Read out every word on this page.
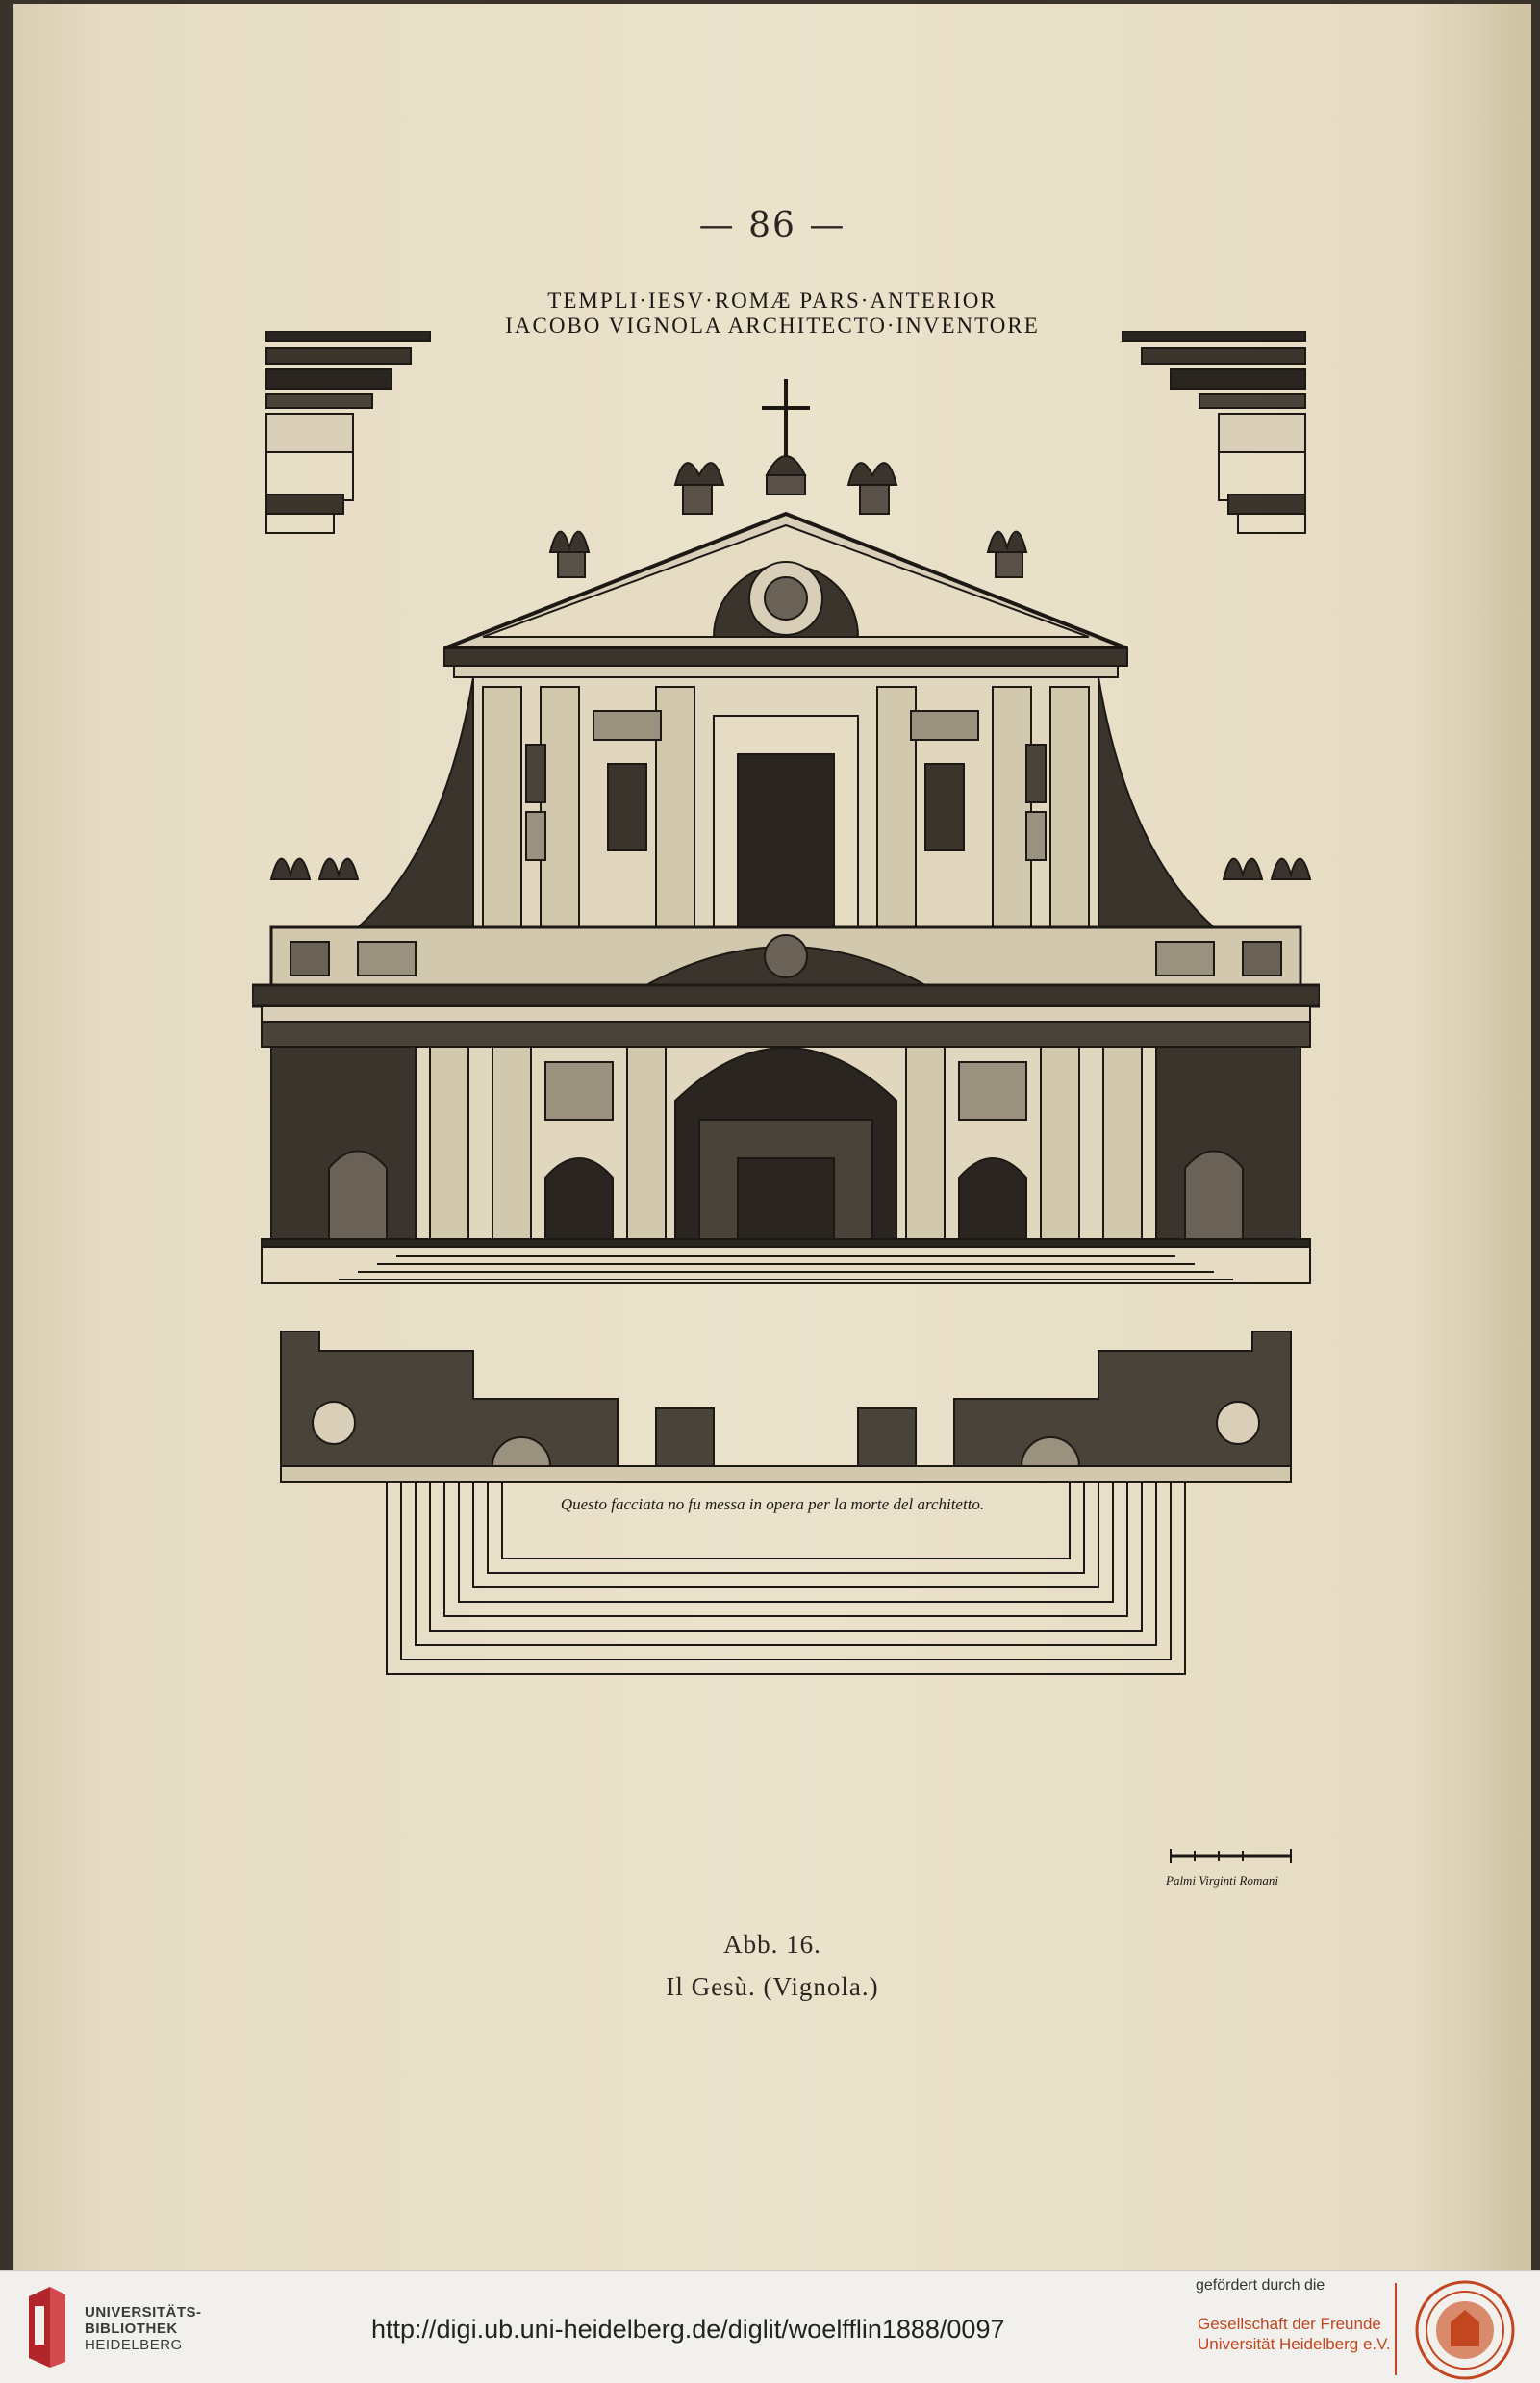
— 86 —
TEMPLI·IESV·ROMÆ PARS·ANTERIOR
IACOBO VIGNOLA ARCHITECTO·INVENTORE
Questo facciata no fu messa in opera per la morte del architetto.
Palmi Virginti Romani
Abb. 16.
Il Gesù. (Vignola.)
UNIVERSITÄTS-
BIBLIOTHEK
HEIDELBERG
http://digi.ub.uni-heidelberg.de/diglit/woelfflin1888/0097
gefördert durch die
Gesellschaft der Freunde
Universität Heidelberg e.V.
